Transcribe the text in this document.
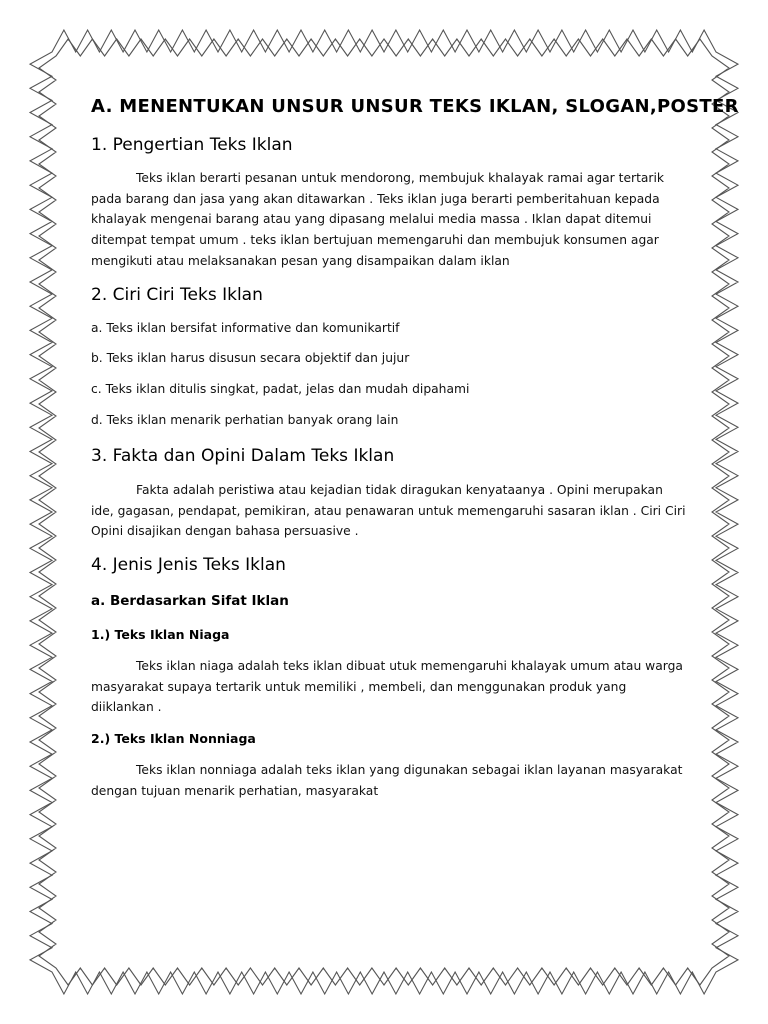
A. MENENTUKAN UNSUR UNSUR TEKS IKLAN, SLOGAN,POSTER
1. Pengertian Teks Iklan
Teks iklan berarti pesanan untuk mendorong, membujuk khalayak ramai agar tertarik
pada barang dan jasa yang akan ditawarkan . Teks iklan juga berarti pemberitahuan kepada
khalayak mengenai barang atau yang dipasang melalui media massa . Iklan dapat ditemui
ditempat tempat umum . teks iklan bertujuan memengaruhi dan membujuk konsumen agar
mengikuti atau melaksanakan pesan yang disampaikan dalam iklan
2. Ciri Ciri Teks Iklan
a. Teks iklan bersifat informative dan komunikartif
b. Teks iklan harus disusun secara objektif dan jujur
c. Teks iklan ditulis singkat, padat, jelas dan mudah dipahami
d. Teks iklan menarik perhatian banyak orang lain
3. Fakta dan Opini Dalam Teks Iklan
Fakta adalah peristiwa atau kejadian tidak diragukan kenyataanya . Opini merupakan
ide, gagasan, pendapat, pemikiran, atau penawaran untuk memengaruhi sasaran iklan . Ciri Ciri
Opini disajikan dengan bahasa persuasive .
4. Jenis Jenis Teks Iklan
a. Berdasarkan Sifat Iklan
1.) Teks Iklan Niaga
Teks iklan niaga adalah teks iklan dibuat utuk memengaruhi khalayak umum atau warga
masyarakat supaya tertarik untuk memiliki , membeli, dan menggunakan produk yang
diiklankan .
2.) Teks Iklan Nonniaga
Teks iklan nonniaga adalah teks iklan yang digunakan sebagai iklan layanan masyarakat
dengan tujuan menarik perhatian, masyarakat
